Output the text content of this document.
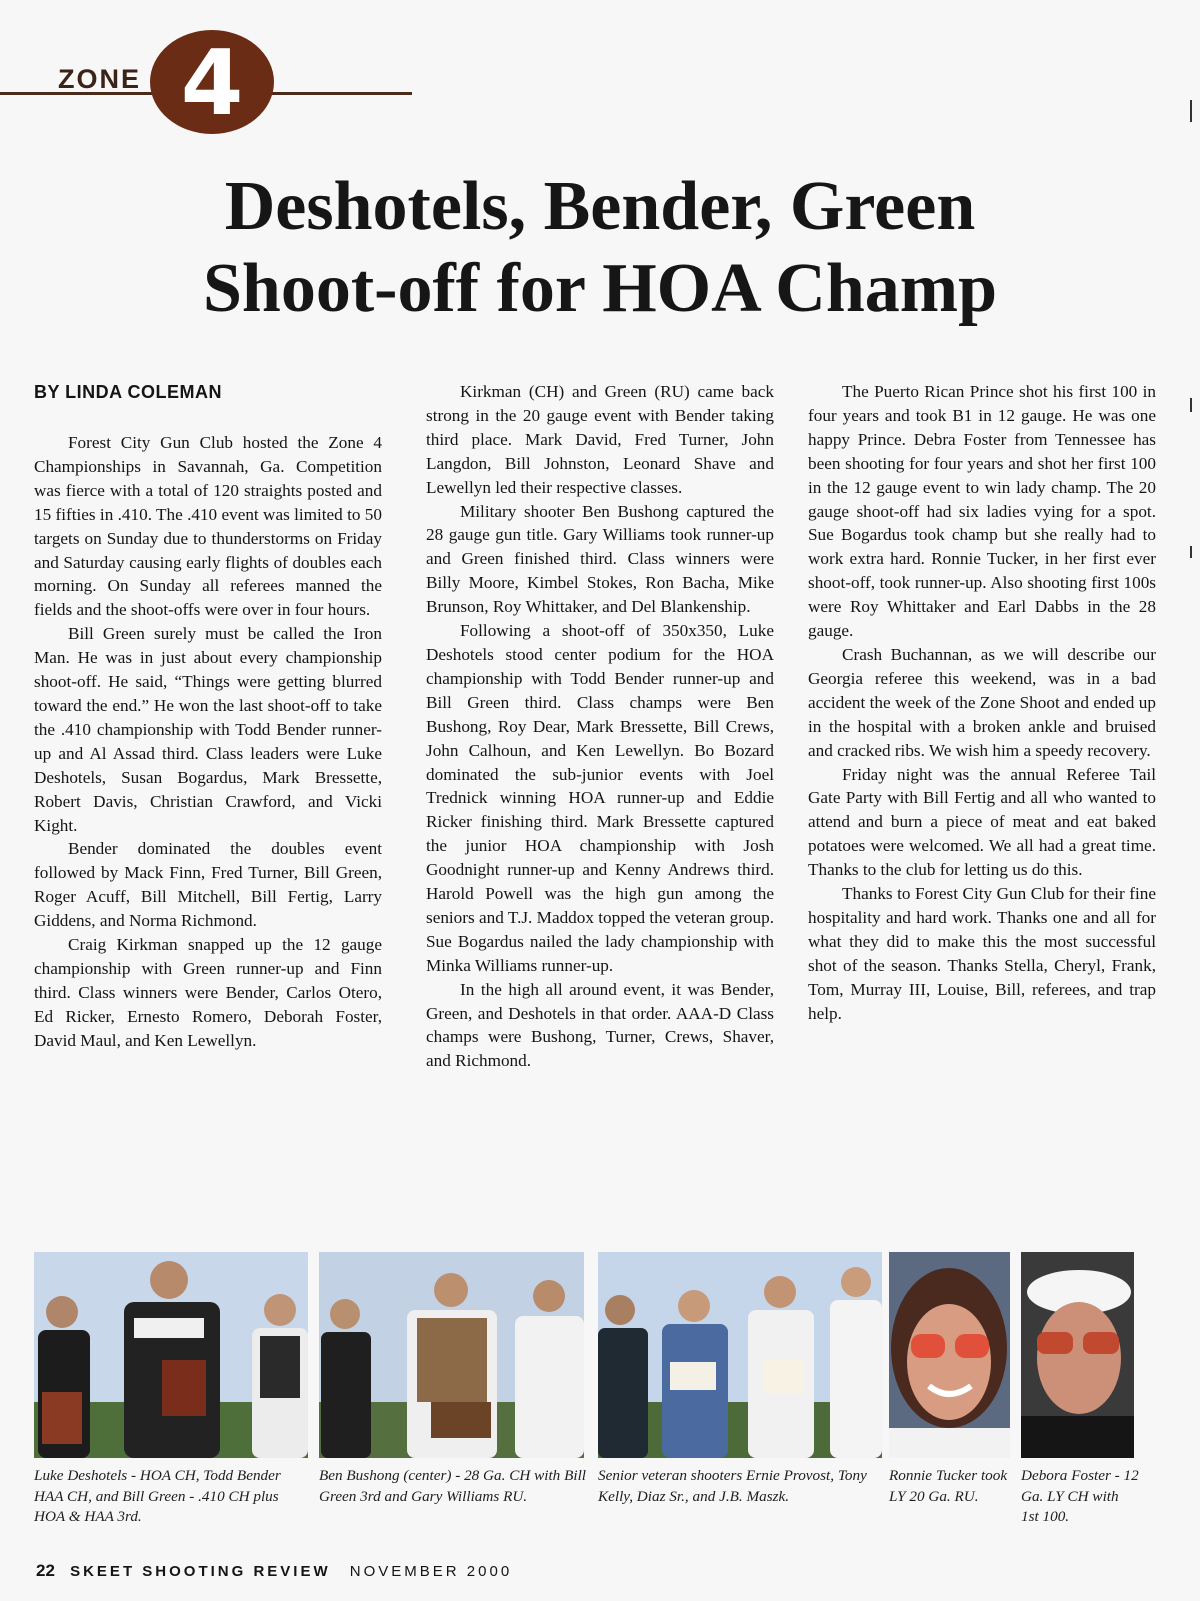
ZONE 4
Deshotels, Bender, Green
Shoot-off for HOA Champ
BY LINDA COLEMAN

Forest City Gun Club hosted the Zone 4 Championships in Savannah, Ga. Competition was fierce with a total of 120 straights posted and 15 fifties in .410. The .410 event was limited to 50 targets on Sunday due to thunderstorms on Friday and Saturday causing early flights of doubles each morning. On Sunday all referees manned the fields and the shoot-offs were over in four hours.

Bill Green surely must be called the Iron Man. He was in just about every championship shoot-off. He said, “Things were getting blurred toward the end.” He won the last shoot-off to take the .410 championship with Todd Bender runner-up and Al Assad third. Class leaders were Luke Deshotels, Susan Bogardus, Mark Bressette, Robert Davis, Christian Crawford, and Vicki Kight.

Bender dominated the doubles event followed by Mack Finn, Fred Turner, Bill Green, Roger Acuff, Bill Mitchell, Bill Fertig, Larry Giddens, and Norma Richmond.

Craig Kirkman snapped up the 12 gauge championship with Green runner-up and Finn third. Class winners were Bender, Carlos Otero, Ed Ricker, Ernesto Romero, Deborah Foster, David Maul, and Ken Lewellyn.

Kirkman (CH) and Green (RU) came back strong in the 20 gauge event with Bender taking third place. Mark David, Fred Turner, John Langdon, Bill Johnston, Leonard Shave and Lewellyn led their respective classes.

Military shooter Ben Bushong captured the 28 gauge gun title. Gary Williams took runner-up and Green finished third. Class winners were Billy Moore, Kimbel Stokes, Ron Bacha, Mike Brunson, Roy Whittaker, and Del Blankenship.

Following a shoot-off of 350x350, Luke Deshotels stood center podium for the HOA championship with Todd Bender runner-up and Bill Green third. Class champs were Ben Bushong, Roy Dear, Mark Bressette, Bill Crews, John Calhoun, and Ken Lewellyn. Bo Bozard dominated the sub-junior events with Joel Trednick winning HOA runner-up and Eddie Ricker finishing third. Mark Bressette captured the junior HOA championship with Josh Goodnight runner-up and Kenny Andrews third. Harold Powell was the high gun among the seniors and T.J. Maddox topped the veteran group. Sue Bogardus nailed the lady championship with Minka Williams runner-up.

In the high all around event, it was Bender, Green, and Deshotels in that order. AAA-D Class champs were Bushong, Turner, Crews, Shaver, and Richmond.

The Puerto Rican Prince shot his first 100 in four years and took B1 in 12 gauge. He was one happy Prince. Debra Foster from Tennessee has been shooting for four years and shot her first 100 in the 12 gauge event to win lady champ. The 20 gauge shoot-off had six ladies vying for a spot. Sue Bogardus took champ but she really had to work extra hard. Ronnie Tucker, in her first ever shoot-off, took runner-up. Also shooting first 100s were Roy Whittaker and Earl Dabbs in the 28 gauge.

Crash Buchannan, as we will describe our Georgia referee this weekend, was in a bad accident the week of the Zone Shoot and ended up in the hospital with a broken ankle and bruised and cracked ribs. We wish him a speedy recovery.

Friday night was the annual Referee Tail Gate Party with Bill Fertig and all who wanted to attend and burn a piece of meat and eat baked potatoes were welcomed. We all had a great time. Thanks to the club for letting us do this.

Thanks to Forest City Gun Club for their fine hospitality and hard work. Thanks one and all for what they did to make this the most successful shot of the season. Thanks Stella, Cheryl, Frank, Tom, Murray III, Louise, Bill, referees, and trap help.

Luke Deshotels - HOA CH, Todd Bender HAA CH, and Bill Green - .410 CH plus HOA & HAA 3rd.
Ben Bushong (center) - 28 Ga. CH with Bill Green 3rd and Gary Williams RU.
Senior veteran shooters Ernie Provost, Tony Kelly, Diaz Sr., and J.B. Maszk.
Ronnie Tucker took LY 20 Ga. RU.
Debora Foster - 12 Ga. LY CH with 1st 100.
22 SKEET SHOOTING REVIEW NOVEMBER 2000
